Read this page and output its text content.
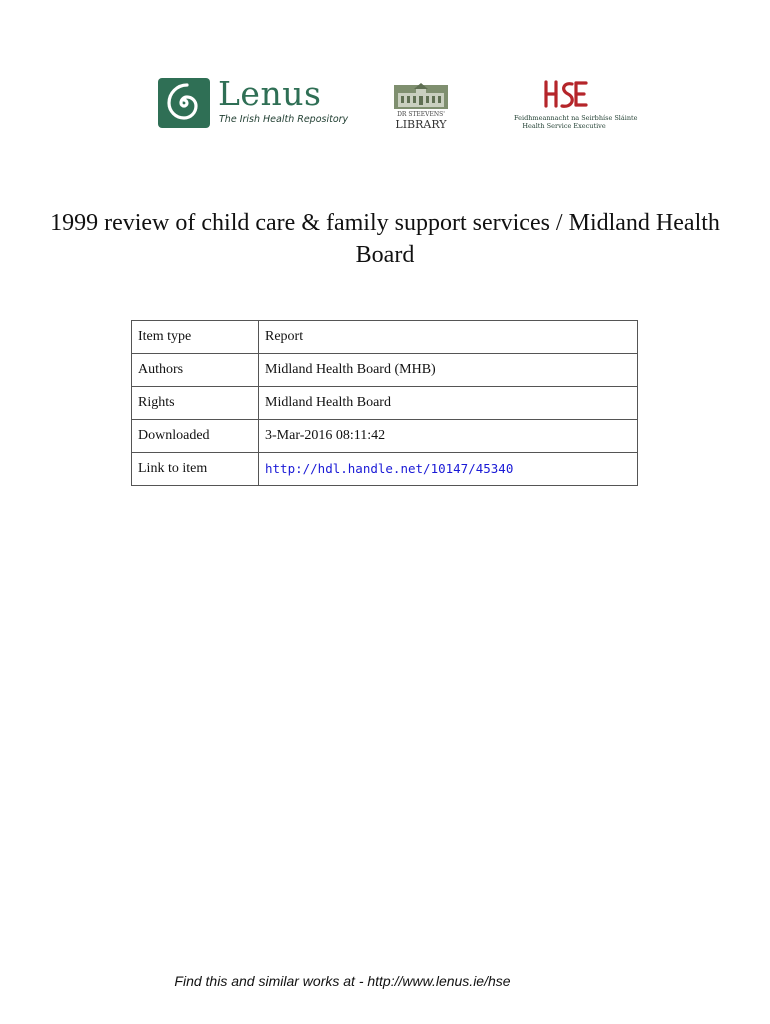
Lenus
The Irish Health Repository	DR STEEVENS'
LIBRARY	Feidhmeannacht na Seirbhíse Sláinte
Health Service Executive
1999 review of child care & family support services / Midland Health Board
Item type	Report
Authors	Midland Health Board (MHB)
Rights	Midland Health Board
Downloaded	3-Mar-2016 08:11:42
Link to item	http://hdl.handle.net/10147/45340
Find this and similar works at - http://www.lenus.ie/hse
